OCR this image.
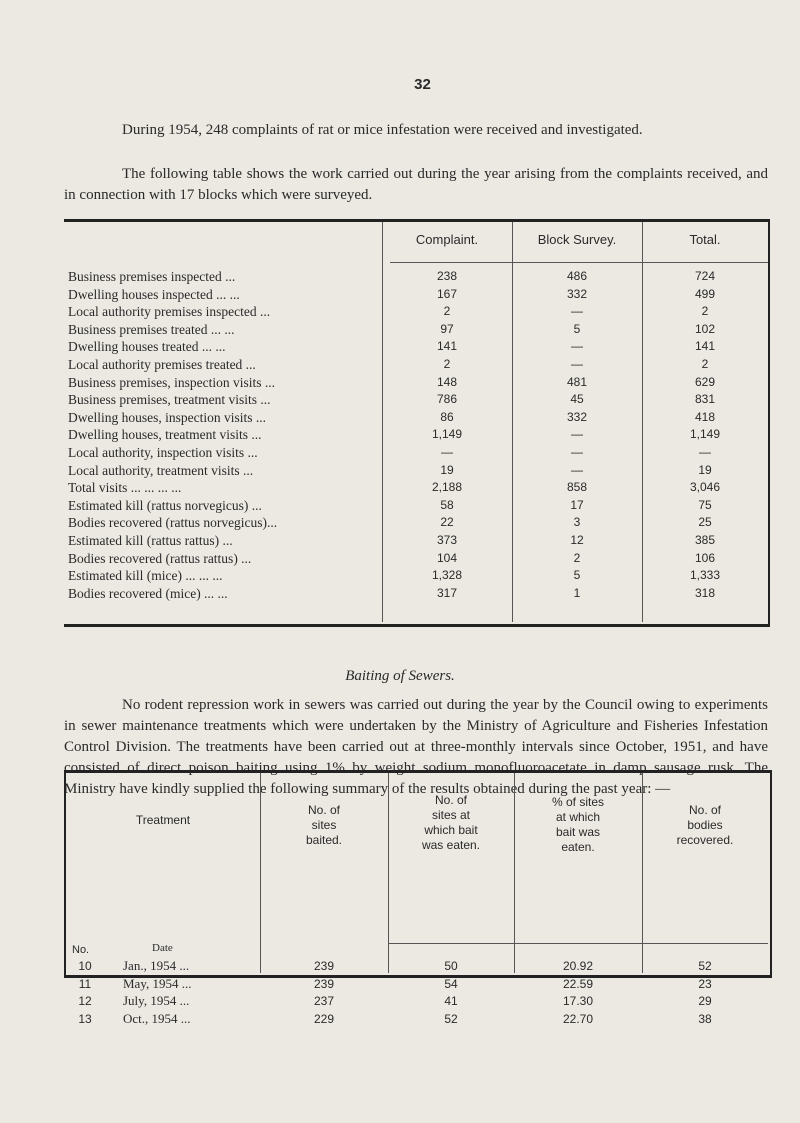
32

During 1954, 248 complaints of rat or mice infestation were received and investigated.

The following table shows the work carried out during the year arising from the complaints received, and in connection with 17 blocks which were surveyed.

Complaint.	Block Survey.	Total.
Business premises inspected ...	238	486	724
Dwelling houses inspected ... ...	167	332	499
Local authority premises inspected ...	2	—	2
Business premises treated ... ...	97	5	102
Dwelling houses treated ... ...	141	—	141
Local authority premises treated ...	2	—	2
Business premises, inspection visits ...	148	481	629
Business premises, treatment visits ...	786	45	831
Dwelling houses, inspection visits ...	86	332	418
Dwelling houses, treatment visits ...	1,149	—	1,149
Local authority, inspection visits ...	—	—	—
Local authority, treatment visits ...	19	—	19
Total visits ... ... ... ...	2,188	858	3,046
Estimated kill (rattus norvegicus) ...	58	17	75
Bodies recovered (rattus norvegicus)...	22	3	25
Estimated kill (rattus rattus) ...	373	12	385
Bodies recovered (rattus rattus) ...	104	2	106
Estimated kill (mice) ... ... ...	1,328	5	1,333
Bodies recovered (mice) ... ...	317	1	318
Baiting of Sewers.

No rodent repression work in sewers was carried out during the year by the Council owing to experiments in sewer maintenance treatments which were undertaken by the Ministry of Agriculture and Fisheries Infestation Control Division. The treatments have been carried out at three-monthly intervals since October, 1951, and have consisted of direct poison baiting using 1% by weight sodium monofluoroacetate in damp sausage rusk. The Ministry have kindly supplied the following summary of the results obtained during the past year: —

Treatment
No. of
sites
baited.
No. of
sites at
which bait
was eaten.
% of sites
at which
bait was
eaten.
No. of
bodies
recovered.
No.	Date
10	Jan., 1954 ...	239	50	20.92	52
11	May, 1954 ...	239	54	22.59	23
12	July, 1954 ...	237	41	17.30	29
13	Oct., 1954 ...	229	52	22.70	38
